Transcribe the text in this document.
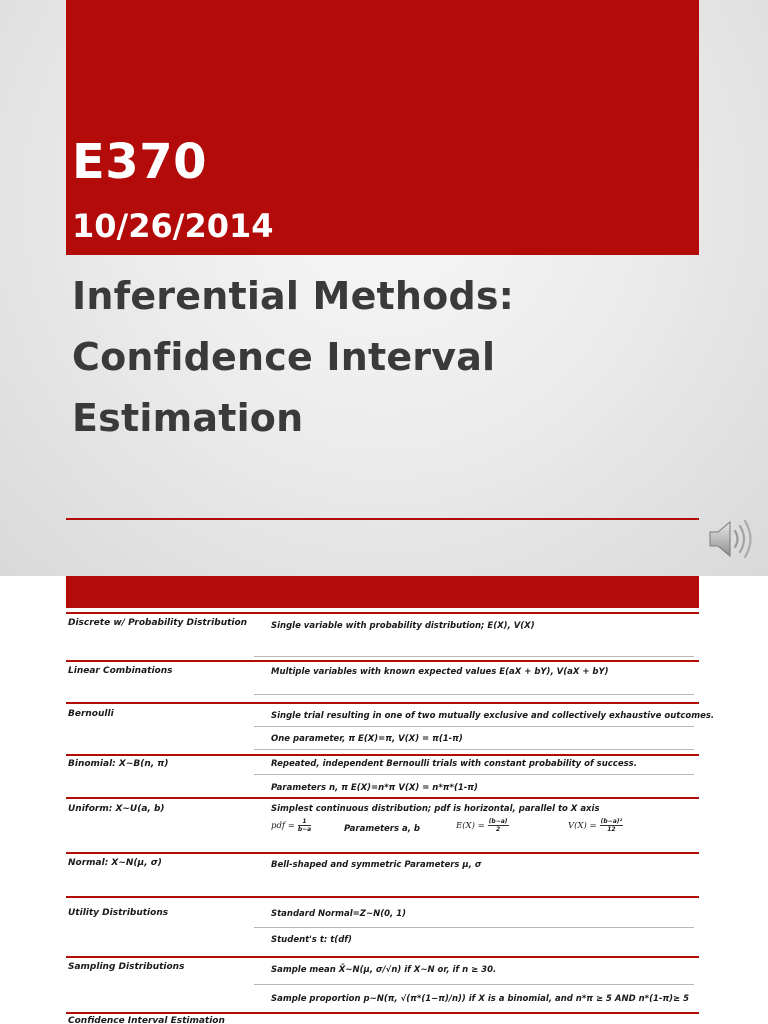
E370
10/26/2014
Inferential Methods:
Confidence Interval
Estimation
Discrete w/ Probability Distribution	Single variable with probability distribution; E(X), V(X)
Linear Combinations	Multiple variables with known expected values E(aX + bY), V(aX + bY)
Bernoulli	Single trial resulting in one of two mutually exclusive and collectively exhaustive outcomes.
One parameter, π E(X)=π, V(X) = π(1-π)
Binomial: X~B(n, π)	Repeated, independent Bernoulli trials with constant probability of success.
Parameters n, π E(X)=n*π V(X) = n*π*(1-π)
Uniform: X~U(a, b)	Simplest continuous distribution; pdf is horizontal, parallel to X axis
pdf = $\frac{1}{b-a}$	Parameters a, b	$E(X) = \frac{(b-a)}{2}$	$V(X) = \frac{\text{(b−a)²}}{12}$
Normal: X~N(μ, σ)	Bell-shaped and symmetric Parameters μ, σ
Utility Distributions	Standard Normal=Z~N(0, 1)
Student's t: t(df)
Sampling Distributions	Sample mean X̄~N(μ, σ/√n) if X~N or, if n ≥ 30.
Sample proportion p~N(π, √(π*(1−π)/n)) if X is a binomial, and n*π ≥ 5 AND n*(1-π)≥ 5
Confidence Interval Estimation
